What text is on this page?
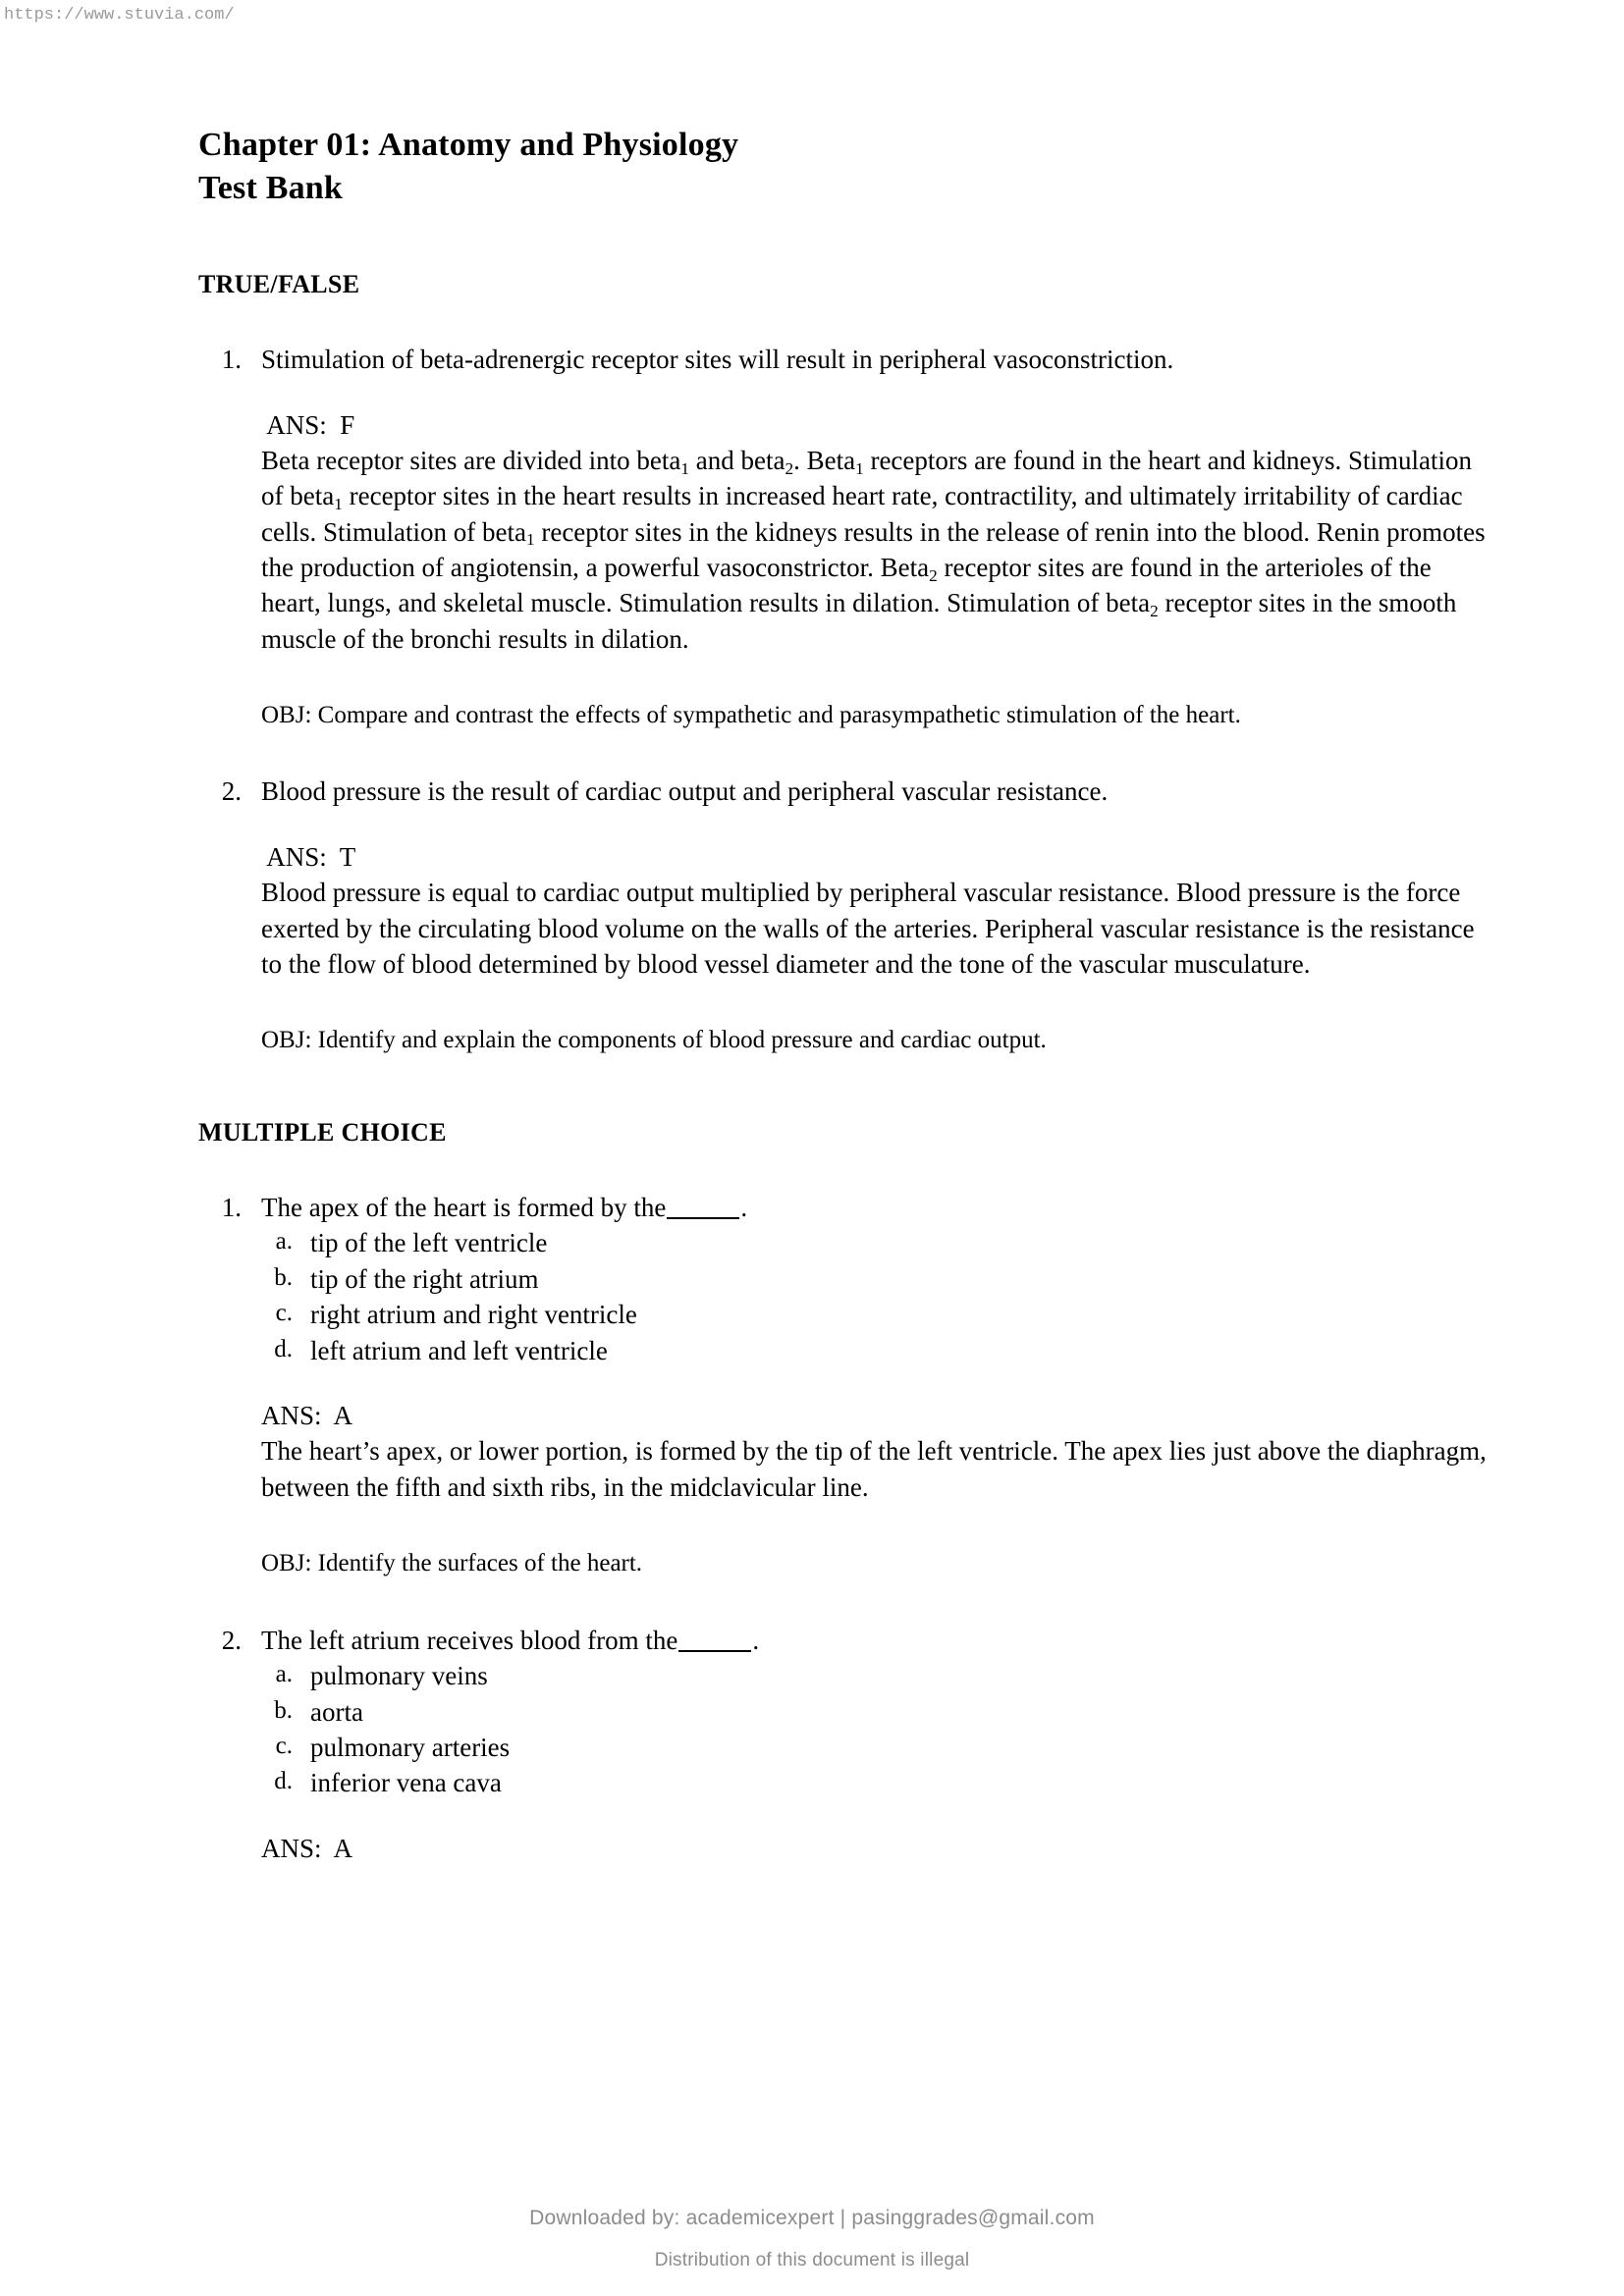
https://www.stuvia.com/
Chapter 01: Anatomy and Physiology
Test Bank
TRUE/FALSE
1. Stimulation of beta-adrenergic receptor sites will result in peripheral vasoconstriction.
ANS:  F
Beta receptor sites are divided into beta$_1$ and beta$_2$. Beta$_1$ receptors are found in the heart and kidneys. Stimulation of beta$_1$ receptor sites in the heart results in increased heart rate, contractility, and ultimately irritability of cardiac cells. Stimulation of beta$_1$ receptor sites in the kidneys results in the release of renin into the blood. Renin promotes the production of angiotensin, a powerful vasoconstrictor. Beta$_2$ receptor sites are found in the arterioles of the heart, lungs, and skeletal muscle. Stimulation results in dilation. Stimulation of beta$_2$ receptor sites in the smooth muscle of the bronchi results in dilation.
OBJ: Compare and contrast the effects of sympathetic and parasympathetic stimulation of the heart.
2. Blood pressure is the result of cardiac output and peripheral vascular resistance.
ANS:  T
Blood pressure is equal to cardiac output multiplied by peripheral vascular resistance. Blood pressure is the force exerted by the circulating blood volume on the walls of the arteries. Peripheral vascular resistance is the resistance to the flow of blood determined by blood vessel diameter and the tone of the vascular musculature.
OBJ: Identify and explain the components of blood pressure and cardiac output.
MULTIPLE CHOICE
1. The apex of the heart is formed by the	.
a. tip of the left ventricle
b. tip of the right atrium
c. right atrium and right ventricle
d. left atrium and left ventricle
ANS:  A
The heart’s apex, or lower portion, is formed by the tip of the left ventricle. The apex lies just above the diaphragm, between the fifth and sixth ribs, in the midclavicular line.
OBJ: Identify the surfaces of the heart.
2. The left atrium receives blood from the	.
a. pulmonary veins
b. aorta
c. pulmonary arteries
d. inferior vena cava
ANS:  A
Downloaded by: academicexpert | pasinggrades@gmail.com
Distribution of this document is illegal
